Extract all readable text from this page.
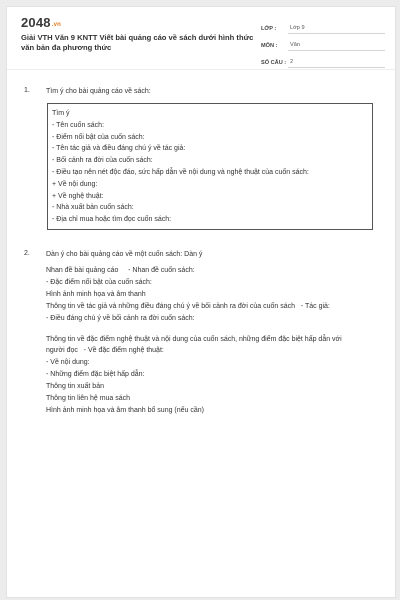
2048.vn
Giải VTH Văn 9 KNTT Viết bài quảng cáo về sách dưới hình thức văn bản đa phương thức
LỚP :	Lớp 9
MÔN :	Văn
SỐ CÂU : 2
1. Tìm ý cho bài quảng cáo về sách:
Tìm ý
- Tên cuốn sách:
- Điểm nổi bật của cuốn sách:
- Tên tác giả và điều đáng chú ý về tác giả:
- Bối cảnh ra đời của cuốn sách:
- Điều tạo nên nét độc đáo, sức hấp dẫn về nội dung và nghệ thuật của cuốn sách:
+ Về nội dung:
+ Về nghệ thuật:
- Nhà xuất bản cuốn sách:
- Địa chỉ mua hoặc tìm đọc cuốn sách:
2. Dàn ý cho bài quảng cáo về một cuốn sách: Dàn ý
Nhan đề bài quảng cáo     - Nhan đề cuốn sách:
- Đặc điểm nổi bật của cuốn sách:
Hình ảnh minh họa và âm thanh
Thông tin về tác giả và những điều đáng chú ý về bối cảnh ra đời của cuốn sách   - Tác giả:
- Điều đáng chú ý về bối cảnh ra đời cuốn sách:
Thông tin về đặc điểm nghệ thuật và nội dung của cuốn sách, những điểm đặc biệt hấp dẫn với
người đọc   - Về đặc điểm nghệ thuật:
- Về nội dung:
- Những điểm đặc biệt hấp dẫn:
Thông tin xuất bản
Thông tin liên hệ mua sách
Hình ảnh minh họa và âm thanh bổ sung (nếu cần)
